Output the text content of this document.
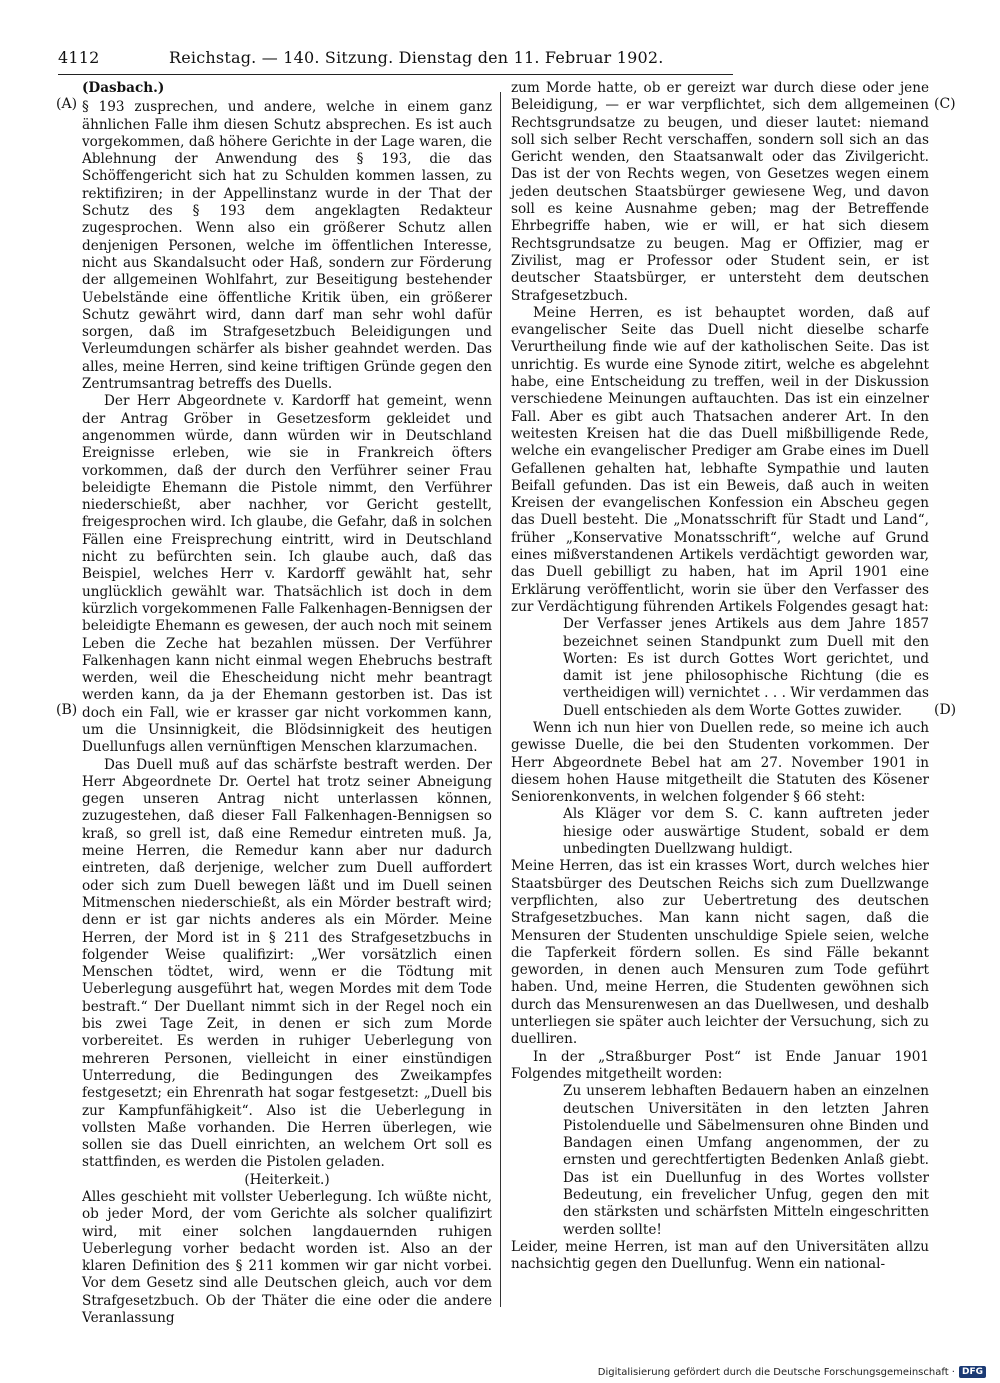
4112	Reichstag. — 140. Sitzung. Dienstag den 11. Februar 1902.
(A)
(B)
(C)
(D)

(Dasbach.)

§ 193 zusprechen, und andere, welche in einem ganz ähnlichen Falle ihm diesen Schutz absprechen. Es ist auch vorgekommen, daß höhere Gerichte in der Lage waren, die Ablehnung der Anwendung des § 193, die das Schöffengericht sich hat zu Schulden kommen lassen, zu rektifiziren; in der Appellinstanz wurde in der That der Schutz des § 193 dem angeklagten Redakteur zugesprochen. Wenn also ein größerer Schutz allen denjenigen Personen, welche im öffentlichen Interesse, nicht aus Skandalsucht oder Haß, sondern zur Förderung der allgemeinen Wohlfahrt, zur Beseitigung bestehender Uebelstände eine öffentliche Kritik üben, ein größerer Schutz gewährt wird, dann darf man sehr wohl dafür sorgen, daß im Strafgesetzbuch Beleidigungen und Verleumdungen schärfer als bisher geahndet werden. Das alles, meine Herren, sind keine triftigen Gründe gegen den Zentrumsantrag betreffs des Duells.

Der Herr Abgeordnete v. Kardorff hat gemeint, wenn der Antrag Gröber in Gesetzesform gekleidet und angenommen würde, dann würden wir in Deutschland Ereignisse erleben, wie sie in Frankreich öfters vorkommen, daß der durch den Verführer seiner Frau beleidigte Ehemann die Pistole nimmt, den Verführer niederschießt, aber nachher, vor Gericht gestellt, freigesprochen wird. Ich glaube, die Gefahr, daß in solchen Fällen eine Freisprechung eintritt, wird in Deutschland nicht zu befürchten sein. Ich glaube auch, daß das Beispiel, welches Herr v. Kardorff gewählt hat, sehr unglücklich gewählt war. Thatsächlich ist doch in dem kürzlich vorgekommenen Falle Falkenhagen-Bennigsen der beleidigte Ehemann es gewesen, der auch noch mit seinem Leben die Zeche hat bezahlen müssen. Der Verführer Falkenhagen kann nicht einmal wegen Ehebruchs bestraft werden, weil die Ehescheidung nicht mehr beantragt werden kann, da ja der Ehemann gestorben ist. Das ist doch ein Fall, wie er krasser gar nicht vorkommen kann, um die Unsinnigkeit, die Blödsinnigkeit des heutigen Duellunfugs allen vernünftigen Menschen klarzumachen.

Das Duell muß auf das schärfste bestraft werden. Der Herr Abgeordnete Dr. Oertel hat trotz seiner Abneigung gegen unseren Antrag nicht unterlassen können, zuzugestehen, daß dieser Fall Falkenhagen-Bennigsen so kraß, so grell ist, daß eine Remedur eintreten muß. Ja, meine Herren, die Remedur kann aber nur dadurch eintreten, daß derjenige, welcher zum Duell auffordert oder sich zum Duell bewegen läßt und im Duell seinen Mitmenschen niederschießt, als ein Mörder bestraft wird; denn er ist gar nichts anderes als ein Mörder. Meine Herren, der Mord ist in § 211 des Strafgesetzbuchs in folgender Weise qualifizirt: „Wer vorsätzlich einen Menschen tödtet, wird, wenn er die Tödtung mit Ueberlegung ausgeführt hat, wegen Mordes mit dem Tode bestraft.“ Der Duellant nimmt sich in der Regel noch ein bis zwei Tage Zeit, in denen er sich zum Morde vorbereitet. Es werden in ruhiger Ueberlegung von mehreren Personen, vielleicht in einer einstündigen Unterredung, die Bedingungen des Zweikampfes festgesetzt; ein Ehrenrath hat sogar festgesetzt: „Duell bis zur Kampfunfähigkeit“. Also ist die Ueberlegung in vollsten Maße vorhanden. Die Herren überlegen, wie sollen sie das Duell einrichten, an welchem Ort soll es stattfinden, es werden die Pistolen geladen.

(Heiterkeit.)

Alles geschieht mit vollster Ueberlegung. Ich wüßte nicht, ob jeder Mord, der vom Gerichte als solcher qualifizirt wird, mit einer solchen langdauernden ruhigen Ueberlegung vorher bedacht worden ist. Also an der klaren Definition des § 211 kommen wir gar nicht vorbei. Vor dem Gesetz sind alle Deutschen gleich, auch vor dem Strafgesetzbuch. Ob der Thäter die eine oder die andere Veranlassung

zum Morde hatte, ob er gereizt war durch diese oder jene Beleidigung, — er war verpflichtet, sich dem allgemeinen Rechtsgrundsatze zu beugen, und dieser lautet: niemand soll sich selber Recht verschaffen, sondern soll sich an das Gericht wenden, den Staatsanwalt oder das Zivilgericht. Das ist der von Rechts wegen, von Gesetzes wegen einem jeden deutschen Staatsbürger gewiesene Weg, und davon soll es keine Ausnahme geben; mag der Betreffende Ehrbegriffe haben, wie er will, er hat sich diesem Rechtsgrundsatze zu beugen. Mag er Offizier, mag er Zivilist, mag er Professor oder Student sein, er ist deutscher Staatsbürger, er untersteht dem deutschen Strafgesetzbuch.

Meine Herren, es ist behauptet worden, daß auf evangelischer Seite das Duell nicht dieselbe scharfe Verurtheilung finde wie auf der katholischen Seite. Das ist unrichtig. Es wurde eine Synode zitirt, welche es abgelehnt habe, eine Entscheidung zu treffen, weil in der Diskussion verschiedene Meinungen auftauchten. Das ist ein einzelner Fall. Aber es gibt auch Thatsachen anderer Art. In den weitesten Kreisen hat die das Duell mißbilligende Rede, welche ein evangelischer Prediger am Grabe eines im Duell Gefallenen gehalten hat, lebhafte Sympathie und lauten Beifall gefunden. Das ist ein Beweis, daß auch in weiten Kreisen der evangelischen Konfession ein Abscheu gegen das Duell besteht. Die „Monatsschrift für Stadt und Land“, früher „Konservative Monatsschrift“, welche auf Grund eines mißverstandenen Artikels verdächtigt geworden war, das Duell gebilligt zu haben, hat im April 1901 eine Erklärung veröffentlicht, worin sie über den Verfasser des zur Verdächtigung führenden Artikels Folgendes gesagt hat:

Der Verfasser jenes Artikels aus dem Jahre 1857 bezeichnet seinen Standpunkt zum Duell mit den Worten: Es ist durch Gottes Wort gerichtet, und damit ist jene philosophische Richtung (die es vertheidigen will) vernichtet . . . Wir verdammen das Duell entschieden als dem Worte Gottes zuwider.

Wenn ich nun hier von Duellen rede, so meine ich auch gewisse Duelle, die bei den Studenten vorkommen. Der Herr Abgeordnete Bebel hat am 27. November 1901 in diesem hohen Hause mitgetheilt die Statuten des Kösener Seniorenkonvents, in welchen folgender § 66 steht:

Als Kläger vor dem S. C. kann auftreten jeder hiesige oder auswärtige Student, sobald er dem unbedingten Duellzwang huldigt.

Meine Herren, das ist ein krasses Wort, durch welches hier Staatsbürger des Deutschen Reichs sich zum Duellzwange verpflichten, also zur Uebertretung des deutschen Strafgesetzbuches. Man kann nicht sagen, daß die Mensuren der Studenten unschuldige Spiele seien, welche die Tapferkeit fördern sollen. Es sind Fälle bekannt geworden, in denen auch Mensuren zum Tode geführt haben. Und, meine Herren, die Studenten gewöhnen sich durch das Mensurenwesen an das Duellwesen, und deshalb unterliegen sie später auch leichter der Versuchung, sich zu duelliren.

In der „Straßburger Post“ ist Ende Januar 1901 Folgendes mitgetheilt worden:

Zu unserem lebhaften Bedauern haben an einzelnen deutschen Universitäten in den letzten Jahren Pistolenduelle und Säbelmensuren ohne Binden und Bandagen einen Umfang angenommen, der zu ernsten und gerechtfertigten Bedenken Anlaß giebt. Das ist ein Duellunfug in des Wortes vollster Bedeutung, ein frevelicher Unfug, gegen den mit den stärksten und schärfsten Mitteln eingeschritten werden sollte!

Leider, meine Herren, ist man auf den Universitäten allzu nachsichtig gegen den Duellunfug. Wenn ein national-

Digitalisierung gefördert durch die Deutsche Forschungsgemeinschaft · DFG
